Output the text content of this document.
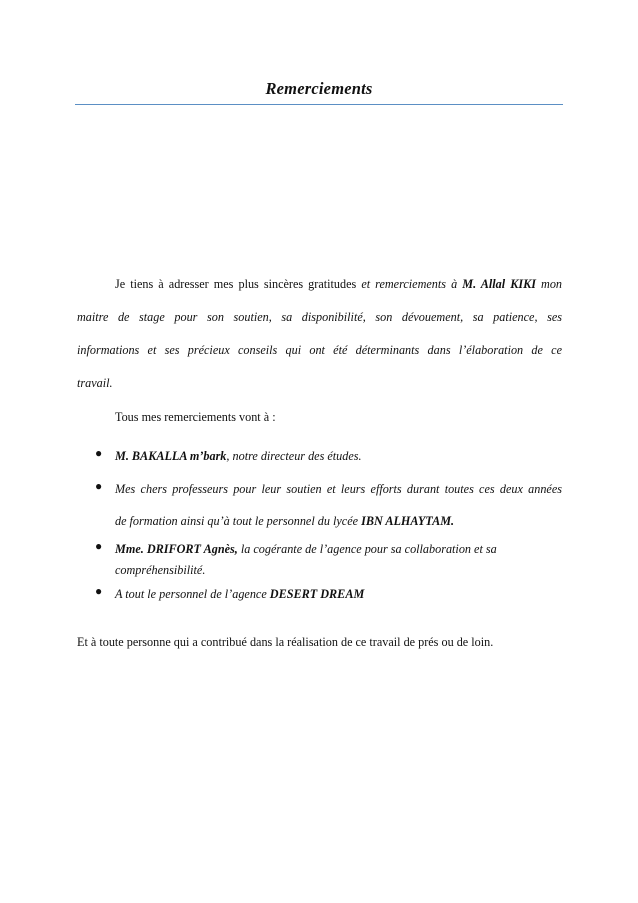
Remerciements
Je tiens à adresser mes plus sincères gratitudes et remerciements à M. Allal KIKI mon
maitre de stage pour son soutien, sa disponibilité, son dévouement, sa patience, ses
informations et ses précieux conseils qui ont été déterminants dans l’élaboration de ce
travail.
Tous mes remerciements vont à :
● M. BAKALLA m’bark, notre directeur des études.
● Mes chers professeurs pour leur soutien et leurs efforts durant toutes ces deux années
de formation ainsi qu’à tout le personnel du lycée IBN ALHAYTAM.
● Mme. DRIFORT Agnès, la cogérante de l’agence pour sa collaboration et sa
compréhensibilité.
● A tout le personnel de l’agence DESERT DREAM
Et à toute personne qui a contribué dans la réalisation de ce travail de prés ou de loin.
